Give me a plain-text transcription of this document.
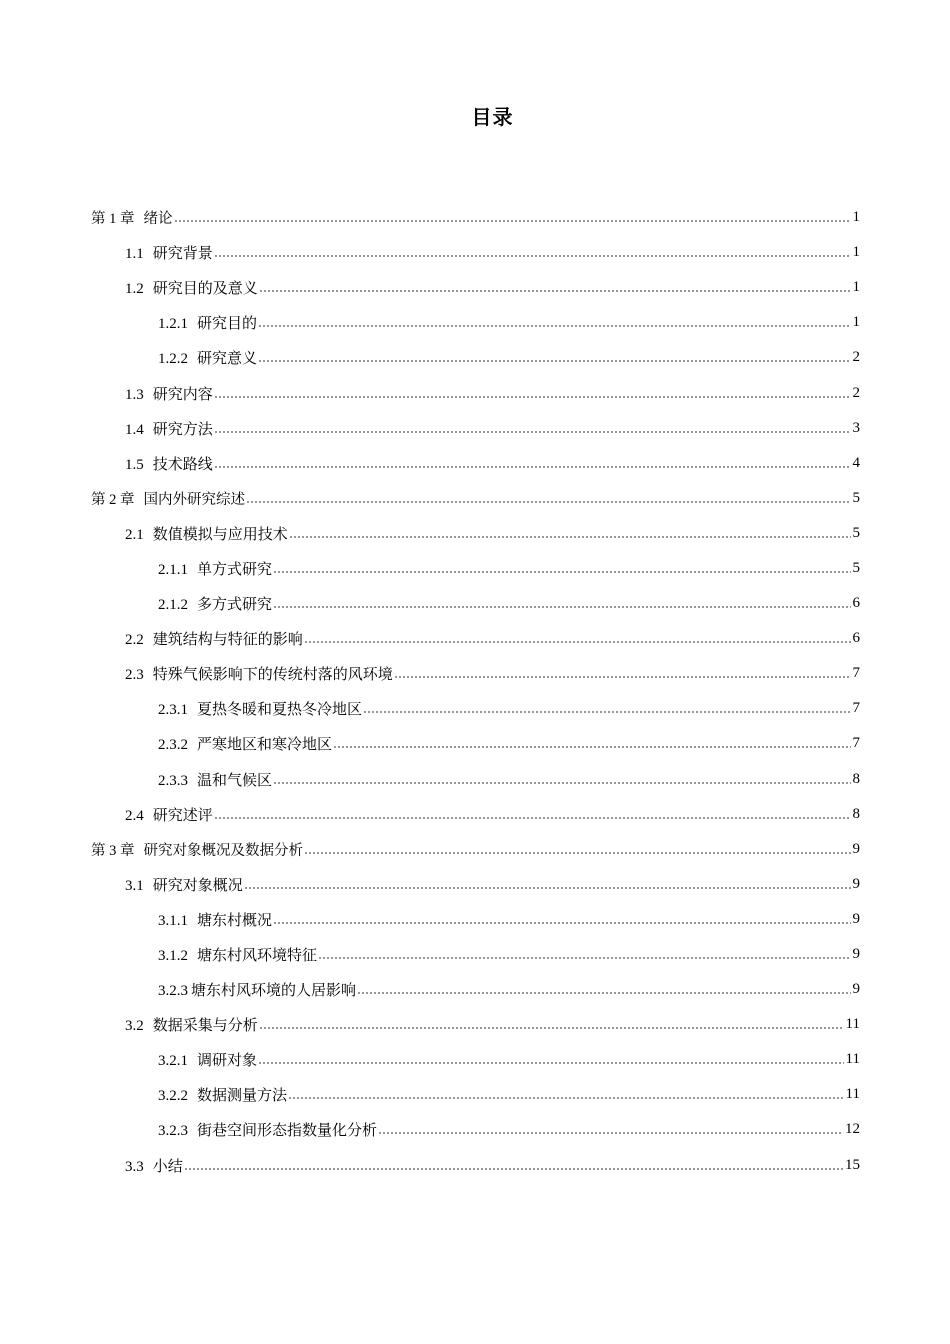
目录
第 1 章 绪论	1
1.1 研究背景	1
1.2 研究目的及意义	1
1.2.1 研究目的	1
1.2.2 研究意义	2
1.3 研究内容	2
1.4 研究方法	3
1.5 技术路线	4
第 2 章 国内外研究综述	5
2.1 数值模拟与应用技术	5
2.1.1 单方式研究	5
2.1.2 多方式研究	6
2.2 建筑结构与特征的影响	6
2.3 特殊气候影响下的传统村落的风环境	7
2.3.1 夏热冬暖和夏热冬冷地区	7
2.3.2 严寒地区和寒冷地区	7
2.3.3 温和气候区	8
2.4 研究述评	8
第 3 章 研究对象概况及数据分析	9
3.1 研究对象概况	9
3.1.1 塘东村概况	9
3.1.2 塘东村风环境特征	9
3.2.3 塘东村风环境的人居影响	9
3.2 数据采集与分析	11
3.2.1 调研对象	11
3.2.2 数据测量方法	11
3.2.3 街巷空间形态指数量化分析	12
3.3 小结	15
